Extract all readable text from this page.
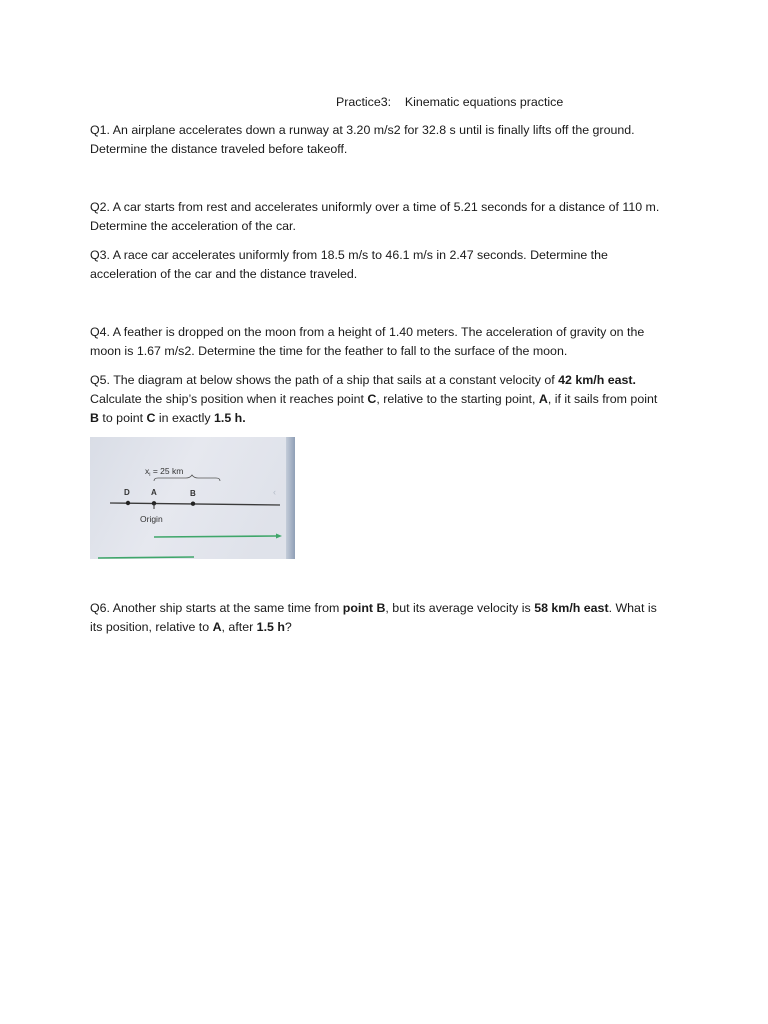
Practice3:    Kinematic equations practice

Q1. An airplane accelerates down a runway at 3.20 m/s2 for 32.8 s until is finally lifts off the ground.
Determine the distance traveled before takeoff.

Q2. A car starts from rest and accelerates uniformly over a time of 5.21 seconds for a distance of 110 m.
Determine the acceleration of the car.

Q3. A race car accelerates uniformly from 18.5 m/s to 46.1 m/s in 2.47 seconds. Determine the
acceleration of the car and the distance traveled.

Q4. A feather is dropped on the moon from a height of 1.40 meters. The acceleration of gravity on the
moon is 1.67 m/s2. Determine the time for the feather to fall to the surface of the moon.

Q5. The diagram at below shows the path of a ship that sails at a constant velocity of 42 km/h east.
Calculate the ship’s position when it reaches point C, relative to the starting point, A, if it sails from point
B to point C in exactly 1.5 h.

$x_i = 25$ km
D	A	B	‹
Origin

Q6. Another ship starts at the same time from point B, but its average velocity is 58 km/h east. What is
its position, relative to A, after 1.5 h?
